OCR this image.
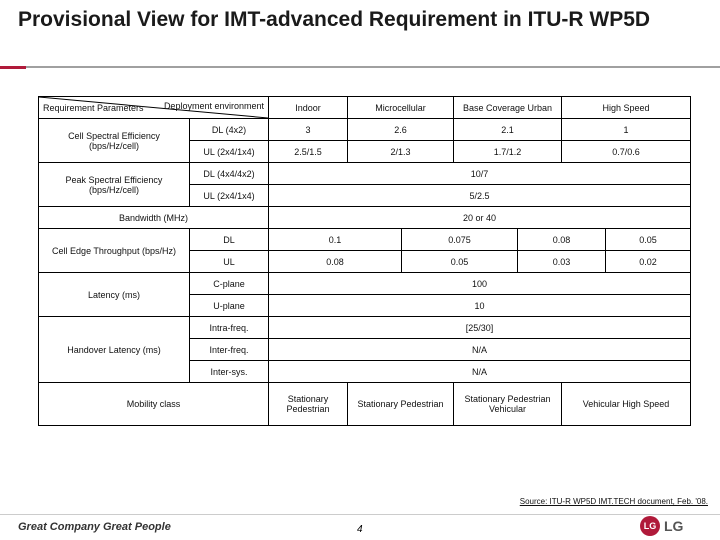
Provisional View for IMT-advanced Requirement in ITU-R WP5D
Deployment environment
Requirement Parameters		Indoor	Microcellular		Base Coverage Urban		High Speed	
Cell Spectral Efficiency (bps/Hz/cell)	DL (4x2)	3	2.6		2.1		1	
	UL (2x4/1x4)	2.5/1.5	2/1.3		1.7/1.2		0.7/0.6	
Peak Spectral Efficiency (bps/Hz/cell)	DL (4x4/4x2)	10/7						
	UL (2x4/1x4)	5/2.5						
Bandwidth (MHz)		20 or 40						
Cell Edge Throughput (bps/Hz)	DL	0.1		0.075		0.08		0.05
	UL	0.08		0.05		0.03		0.02
Latency (ms)	C-plane	100						
	U-plane	10						
Handover Latency (ms)	Intra-freq.	[25/30]						
	Inter-freq.	N/A						
	Inter-sys.	N/A						
Mobility class		Stationary Pedestrian	Stationary Pedestrian		Stationary Pedestrian Vehicular		Vehicular High Speed	
Source: ITU-R WP5D IMT.TECH document, Feb. '08.
Great Company Great People	4	LG LG
